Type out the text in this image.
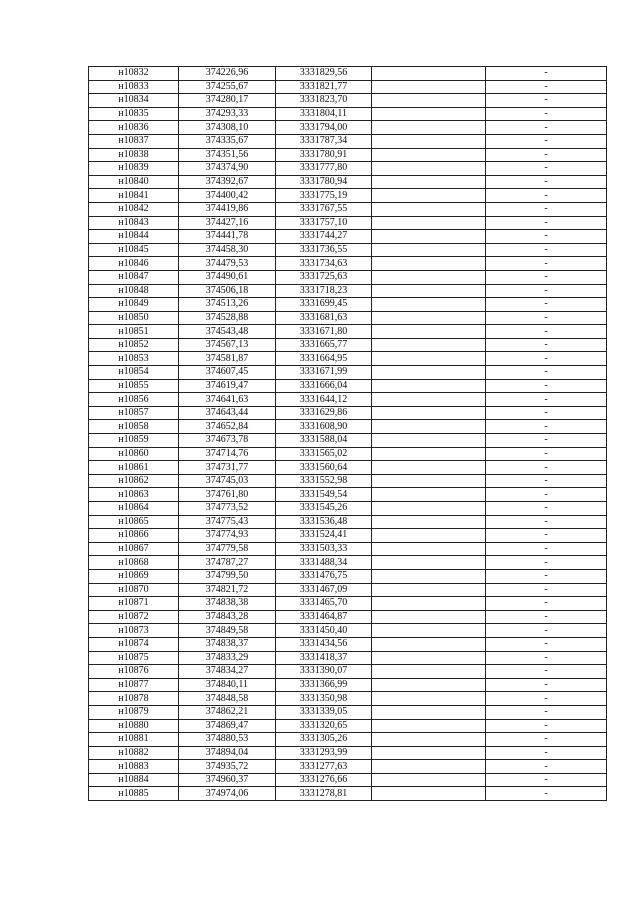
н10832	374226,96	3331829,56		-
н10833	374255,67	3331821,77		-
н10834	374280,17	3331823,70		-
н10835	374293,33	3331804,11		-
н10836	374308,10	3331794,00		-
н10837	374335,67	3331787,34		-
н10838	374351,56	3331780,91		-
н10839	374374,90	3331777,80		-
н10840	374392,67	3331780,94		-
н10841	374400,42	3331775,19		-
н10842	374419,86	3331767,55		-
н10843	374427,16	3331757,10		-
н10844	374441,78	3331744,27		-
н10845	374458,30	3331736,55		-
н10846	374479,53	3331734,63		-
н10847	374490,61	3331725,63		-
н10848	374506,18	3331718,23		-
н10849	374513,26	3331699,45		-
н10850	374528,88	3331681,63		-
н10851	374543,48	3331671,80		-
н10852	374567,13	3331665,77		-
н10853	374581,87	3331664,95		-
н10854	374607,45	3331671,99		-
н10855	374619,47	3331666,04		-
н10856	374641,63	3331644,12		-
н10857	374643,44	3331629,86		-
н10858	374652,84	3331608,90		-
н10859	374673,78	3331588,04		-
н10860	374714,76	3331565,02		-
н10861	374731,77	3331560,64		-
н10862	374745,03	3331552,98		-
н10863	374761,80	3331549,54		-
н10864	374773,52	3331545,26		-
н10865	374775,43	3331536,48		-
н10866	374774,93	3331524,41		-
н10867	374779,58	3331503,33		-
н10868	374787,27	3331488,34		-
н10869	374799,50	3331476,75		-
н10870	374821,72	3331467,09		-
н10871	374838,38	3331465,70		-
н10872	374843,28	3331464,87		-
н10873	374849,58	3331450,40		-
н10874	374838,37	3331434,56		-
н10875	374833,29	3331418,37		-
н10876	374834,27	3331390,07		-
н10877	374840,11	3331366,99		-
н10878	374848,58	3331350,98		-
н10879	374862,21	3331339,05		-
н10880	374869,47	3331320,65		-
н10881	374880,53	3331305,26		-
н10882	374894,04	3331293,99		-
н10883	374935,72	3331277,63		-
н10884	374960,37	3331276,66		-
н10885	374974,06	3331278,81		-
